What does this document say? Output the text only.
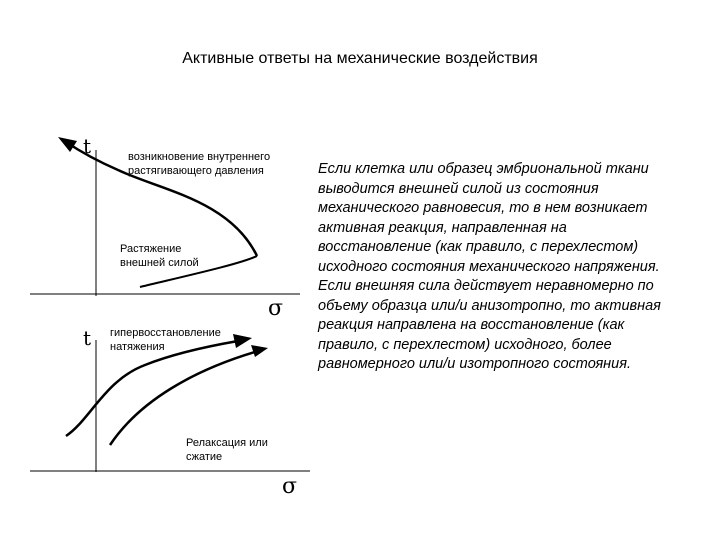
Активные ответы на механические воздействия
t
σ
возникновение внутреннего
растягивающего давления
Растяжение
внешней силой
t
σ
гипервосстановление
натяжения
Релаксация или
сжатие
Если клетка или образец эмбриональной ткани
выводится внешней силой из состояния
механического равновесия, то в нем возникает
активная реакция, направленная на
восстановление (как правило, с перехлестом)
исходного состояния механического напряжения.
Если внешняя сила действует неравномерно по
объему образца или/и анизотропно, то активная
реакция направлена на восстановление (как
правило, с перехлестом) исходного, более
равномерного или/и изотропного состояния.
